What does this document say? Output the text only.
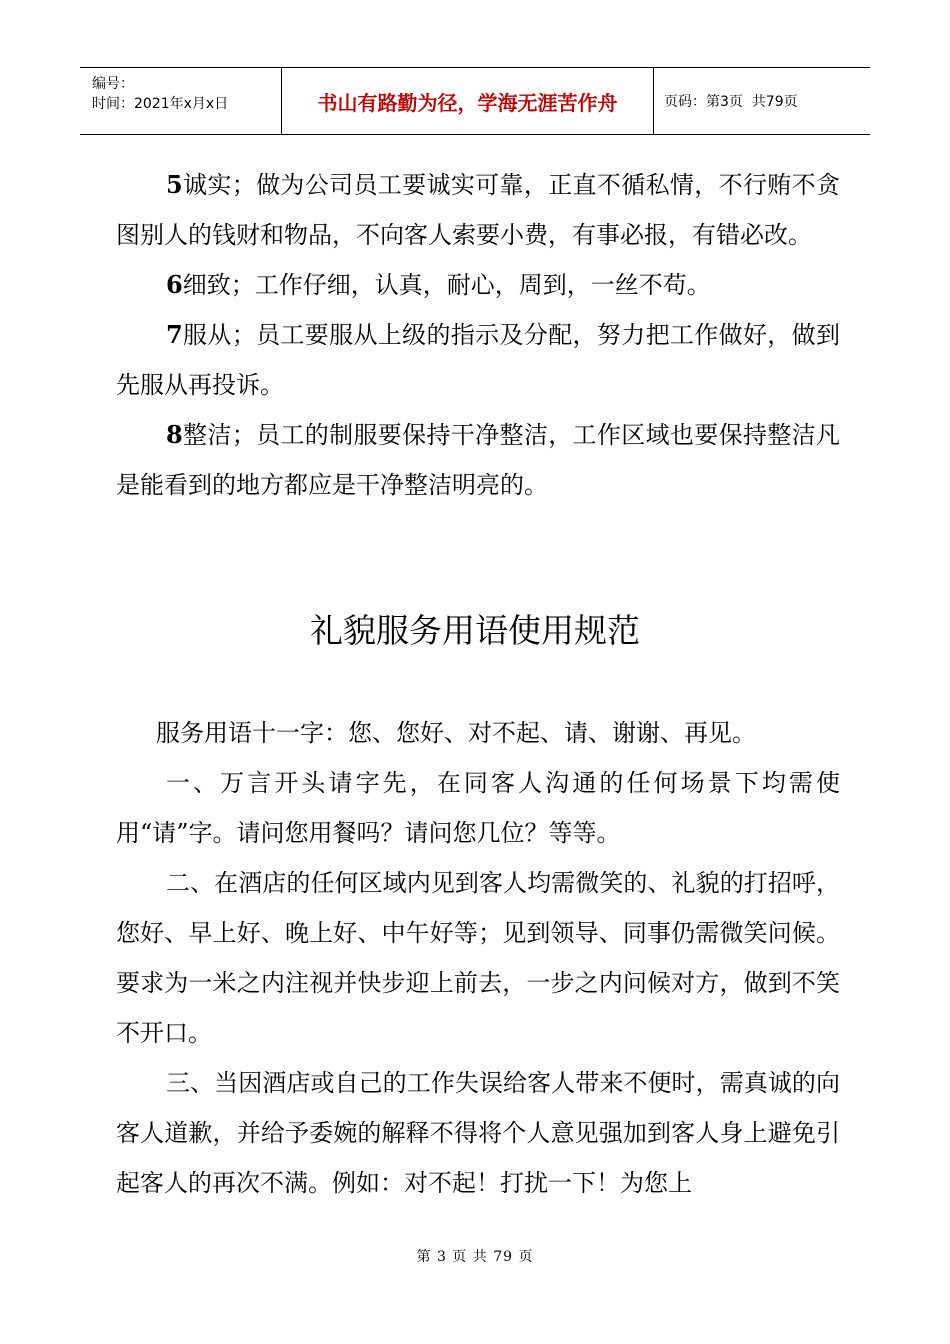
编号：
时间：2021年x月x日	书山有路勤为径，学海无涯苦作舟	页码：第3页  共79页

5诚实；做为公司员工要诚实可靠，正直不循私情，不行贿不贪图别人的钱财和物品，不向客人索要小费，有事必报，有错必改。

6细致；工作仔细，认真，耐心，周到，一丝不苟。

7服从；员工要服从上级的指示及分配，努力把工作做好，做到先服从再投诉。

8整洁；员工的制服要保持干净整洁，工作区域也要保持整洁凡是能看到的地方都应是干净整洁明亮的。

礼貌服务用语使用规范

服务用语十一字：您、您好、对不起、请、谢谢、再见。

一、万言开头请字先，在同客人沟通的任何场景下均需使用“请”字。请问您用餐吗？请问您几位？等等。

二、在酒店的任何区域内见到客人均需微笑的、礼貌的打招呼，您好、早上好、晚上好、中午好等；见到领导、同事仍需微笑问候。要求为一米之内注视并快步迎上前去，一步之内问候对方，做到不笑不开口。

三、当因酒店或自己的工作失误给客人带来不便时，需真诚的向客人道歉，并给予委婉的解释不得将个人意见强加到客人身上避免引起客人的再次不满。例如：对不起！打扰一下！为您上

第 3 页 共 79 页
